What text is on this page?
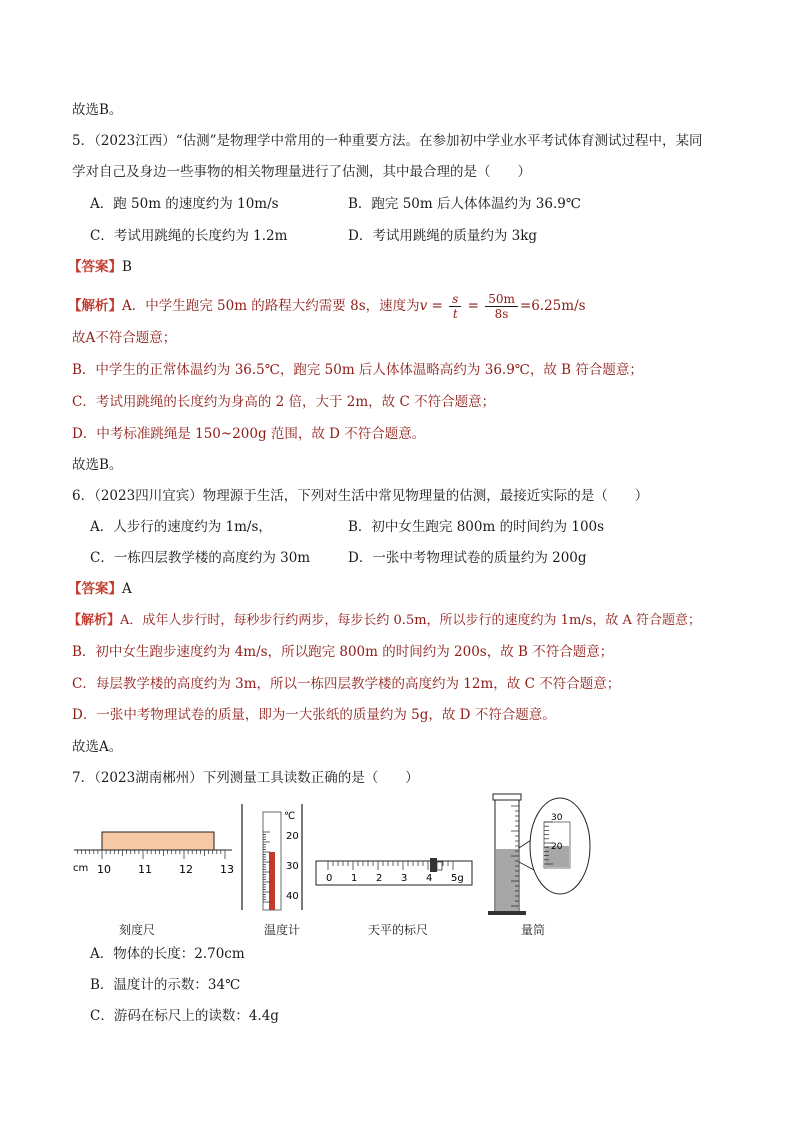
故选B。
5．（2023江西）“估测”是物理学中常用的一种重要方法。在参加初中学业水平考试体育测试过程中，某同
学对自己及身边一些事物的相关物理量进行了估测，其中最合理的是（　　）
A．跑 50m 的速度约为 10m/s	B．跑完 50m 后人体体温约为 36.9℃
C．考试用跳绳的长度约为 1.2m	D．考试用跳绳的质量约为 3kg
【答案】B
【解析】A．中学生跑完 50m 的路程大约需要 8s，速度为$v = \frac{s}{t} = \frac{50m}{8s} =6.25m/s$
故A不符合题意；
B．中学生的正常体温约为 36.5℃，跑完 50m 后人体体温略高约为 36.9℃，故 B 符合题意；
C．考试用跳绳的长度约为身高的 2 倍，大于 2m，故 C 不符合题意；
D．中考标准跳绳是 150~200g 范围，故 D 不符合题意。
故选B。
6．（2023四川宜宾）物理源于生活，下列对生活中常见物理量的估测，最接近实际的是（　　）
A．人步行的速度约为 1m/s，	B．初中女生跑完 800m 的时间约为 100s
C．一栋四层教学楼的高度约为 30m	D．一张中考物理试卷的质量约为 200g
【答案】A
【解析】A．成年人步行时，每秒步行约两步，每步长约 0.5m，所以步行的速度约为 1m/s，故 A 符合题意；
B．初中女生跑步速度约为 4m/s，所以跑完 800m 的时间约为 200s，故 B 不符合题意；
C．每层教学楼的高度约为 3m，所以一栋四层教学楼的高度约为 12m，故 C 不符合题意；
D．一张中考物理试卷的质量，即为一大张纸的质量约为 5g，故 D 不符合题意。
故选A。
7．（2023湖南郴州）下列测量工具读数正确的是（　　）
cm 10 11 12 13
℃
20
30
40
0 1 2 3 4 5g
30
20
刻度尺	温度计	天平的标尺	量筒
A．物体的长度：2.70cm
B．温度计的示数：34℃
C．游码在标尺上的读数：4.4g
